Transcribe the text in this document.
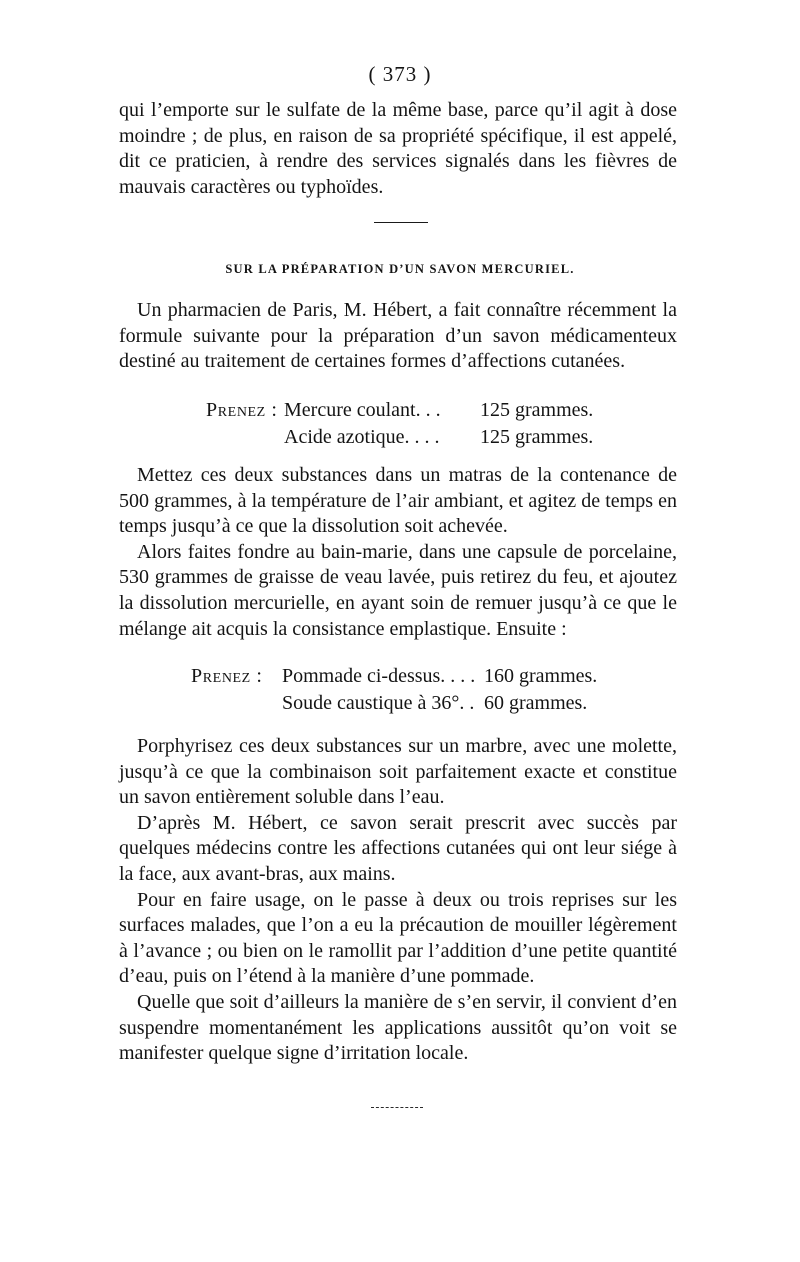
( 373 )

qui l’emporte sur le sulfate de la même base, parce qu’il agit à dose moindre ; de plus, en raison de sa propriété spécifique, il est appelé, dit ce praticien, à rendre des services signalés dans les fièvres de mauvais caractères ou typhoïdes.

SUR LA PRÉPARATION D’UN SAVON MERCURIEL.

Un pharmacien de Paris, M. Hébert, a fait connaître récemment la formule suivante pour la préparation d’un savon médicamenteux destiné au traitement de certaines formes d’affections cutanées.

Prenez : Mercure coulant. . . 125 grammes.
Acide azotique. . . . 125 grammes.

Mettez ces deux substances dans un matras de la contenance de 500 grammes, à la température de l’air ambiant, et agitez de temps en temps jusqu’à ce que la dissolution soit achevée.

Alors faites fondre au bain-marie, dans une capsule de porcelaine, 530 grammes de graisse de veau lavée, puis retirez du feu, et ajoutez la dissolution mercurielle, en ayant soin de remuer jusqu’à ce que le mélange ait acquis la consistance emplastique. Ensuite :

Prenez : Pommade ci-dessus. . . . 160 grammes.
Soude caustique à 36°. . 60 grammes.

Porphyrisez ces deux substances sur un marbre, avec une molette, jusqu’à ce que la combinaison soit parfaitement exacte et constitue un savon entièrement soluble dans l’eau.

D’après M. Hébert, ce savon serait prescrit avec succès par quelques médecins contre les affections cutanées qui ont leur siége à la face, aux avant-bras, aux mains.

Pour en faire usage, on le passe à deux ou trois reprises sur les surfaces malades, que l’on a eu la précaution de mouiller légèrement à l’avance ; ou bien on le ramollit par l’addition d’une petite quantité d’eau, puis on l’étend à la manière d’une pommade.

Quelle que soit d’ailleurs la manière de s’en servir, il convient d’en suspendre momentanément les applications aussitôt qu’on voit se manifester quelque signe d’irritation locale.
